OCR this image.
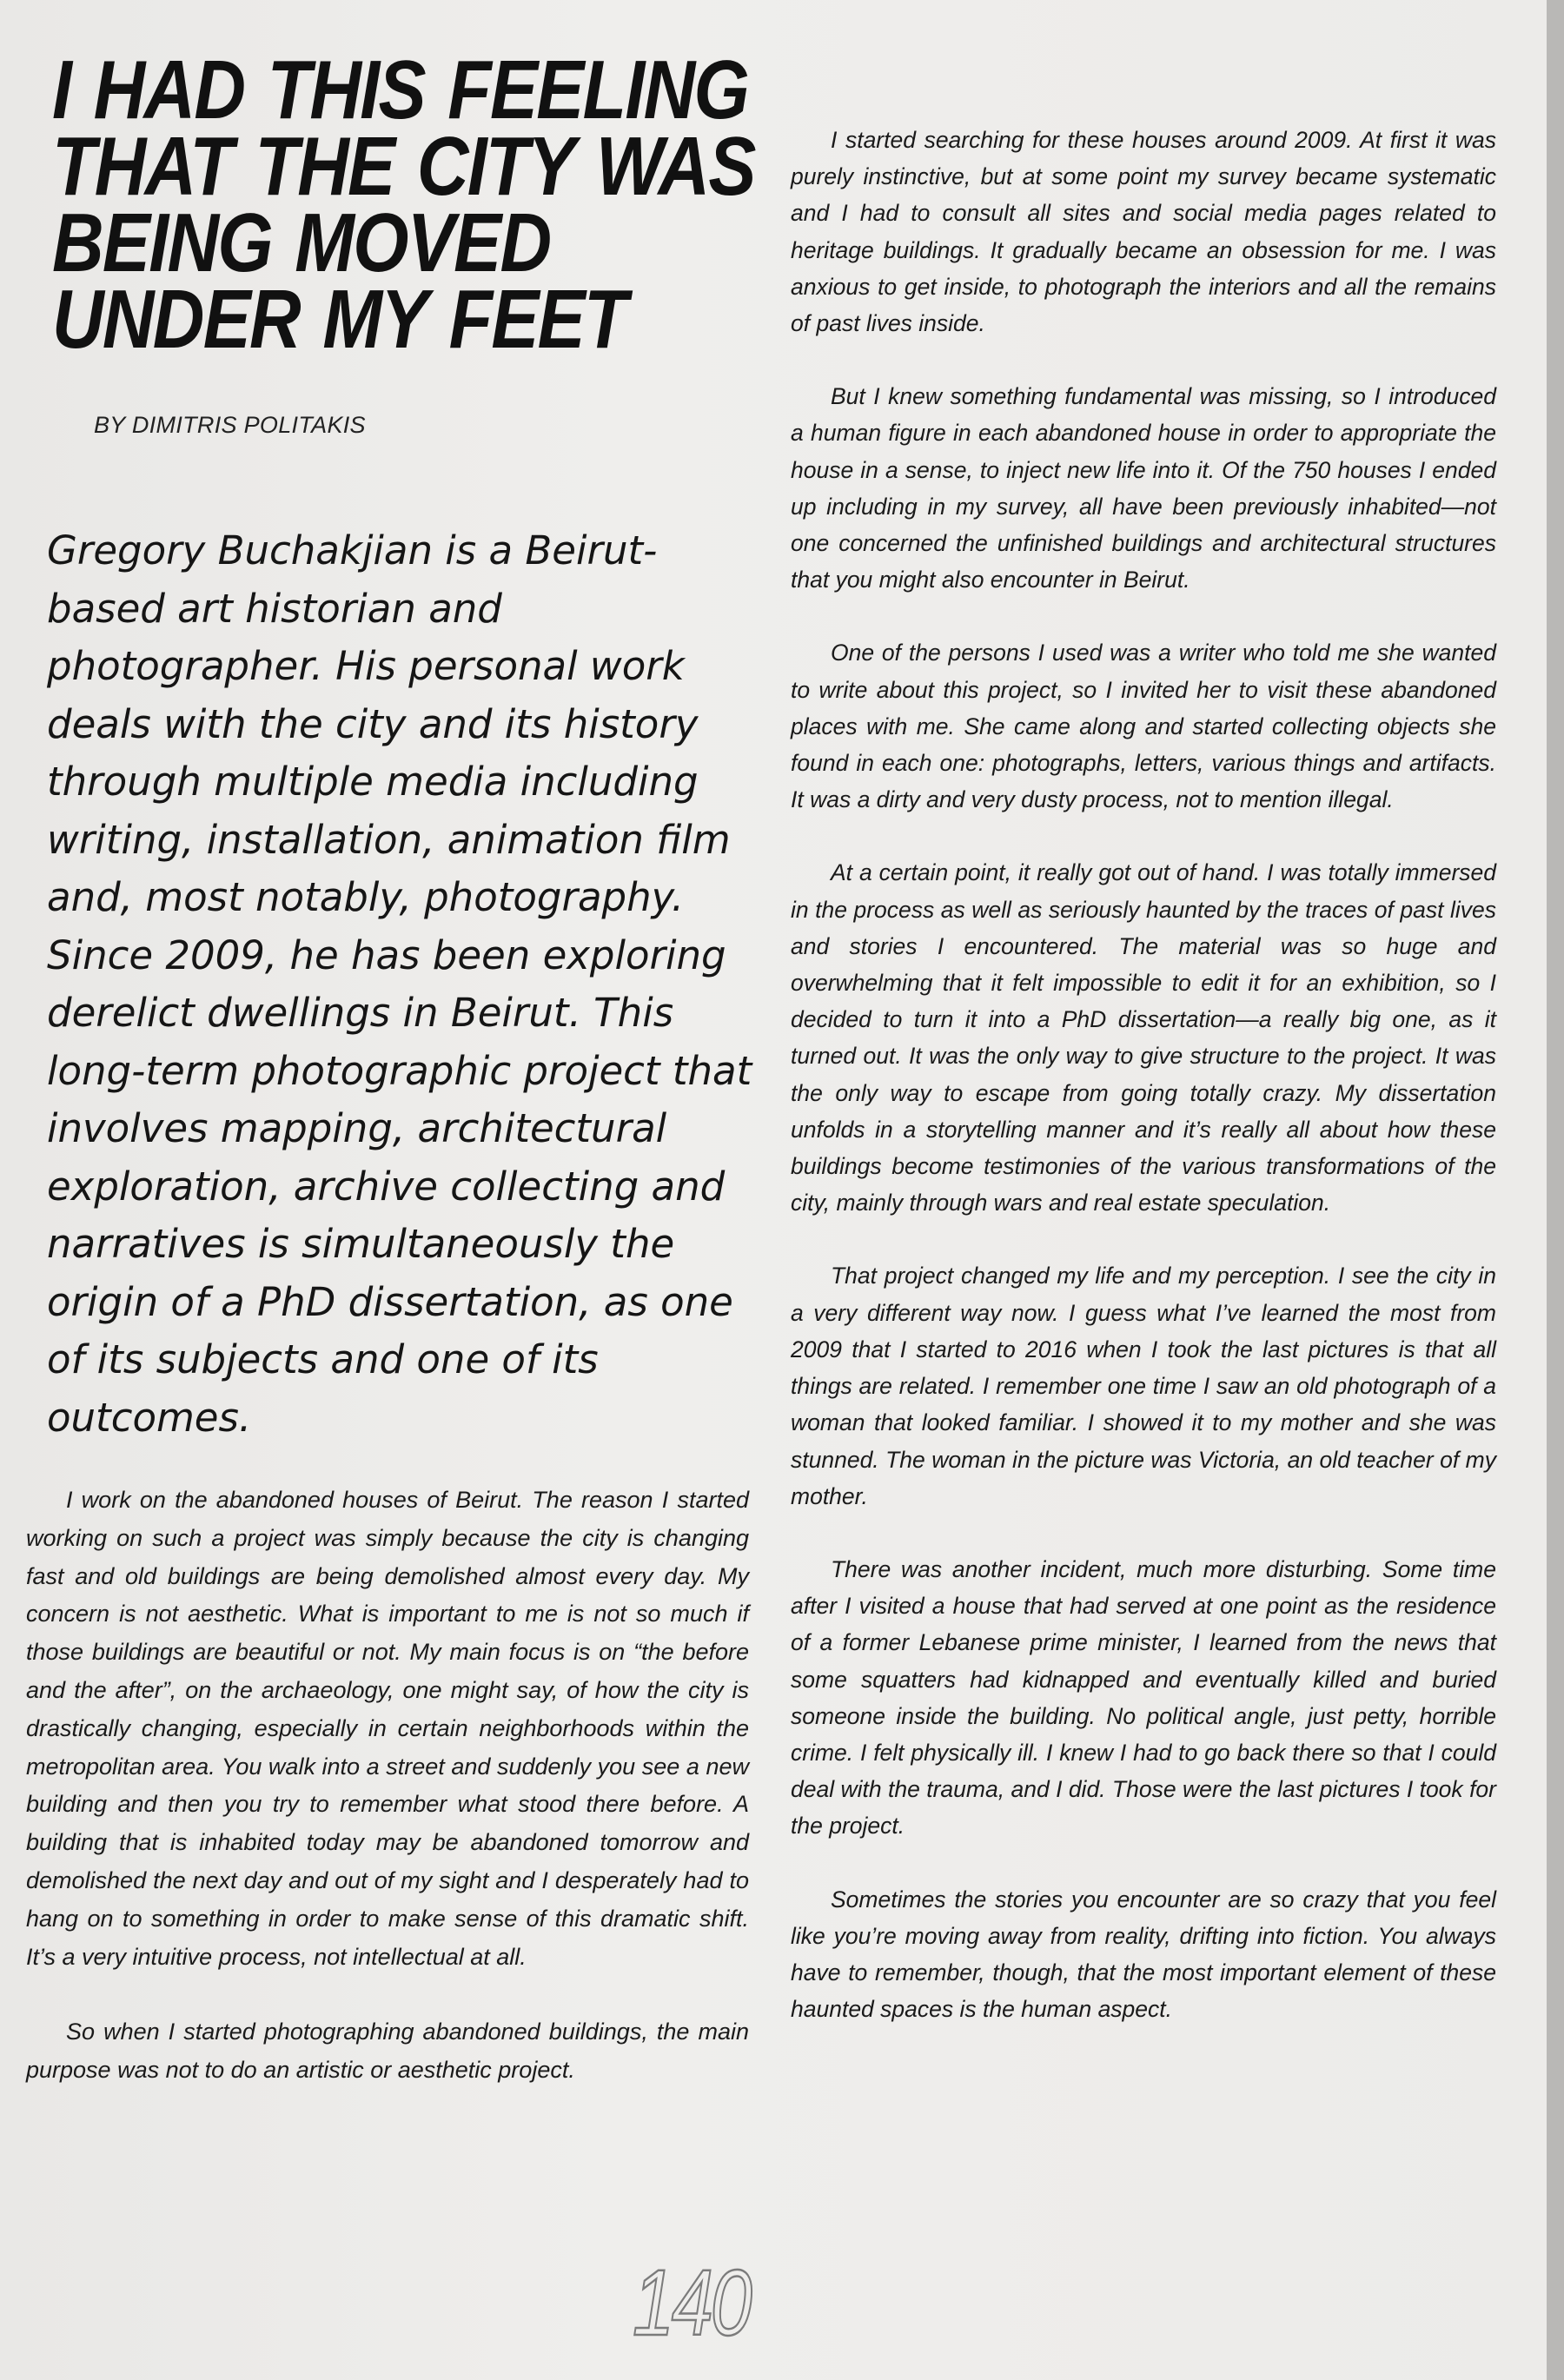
I HAD THIS FEELING THAT THE CITY WAS BEING MOVED UNDER MY FEET
BY DIMITRIS POLITAKIS
Gregory Buchakjian is a Beirut-based art historian and photographer. His personal work deals with the city and its history through multiple media including writing, installation, animation film and, most notably, photography. Since 2009, he has been exploring derelict dwellings in Beirut. This long-term photographic project that involves mapping, architectural exploration, archive collecting and narratives is simultaneously the origin of a PhD dissertation, as one of its subjects and one of its outcomes.

I work on the abandoned houses of Beirut. The reason I started working on such a project was simply because the city is changing fast and old buildings are being demolished almost every day. My concern is not aesthetic. What is important to me is not so much if those buildings are beautiful or not. My main focus is on “the before and the after”, on the archaeology, one might say, of how the city is drastically changing, especially in certain neighborhoods within the metropolitan area. You walk into a street and suddenly you see a new building and then you try to remember what stood there before. A building that is inhabited today may be abandoned tomorrow and demolished the next day and out of my sight and I desperately had to hang on to something in order to make sense of this dramatic shift. It’s a very intuitive process, not intellectual at all.

So when I started photographing abandoned buildings, the main purpose was not to do an artistic or aesthetic project.

I started searching for these houses around 2009. At first it was purely instinctive, but at some point my survey became systematic and I had to consult all sites and social media pages related to heritage buildings. It gradually became an obsession for me. I was anxious to get inside, to photograph the interiors and all the remains of past lives inside.

But I knew something fundamental was missing, so I introduced a human figure in each abandoned house in order to appropriate the house in a sense, to inject new life into it. Of the 750 houses I ended up including in my survey, all have been previously inhabited—not one concerned the unfinished buildings and architectural structures that you might also encounter in Beirut.

One of the persons I used was a writer who told me she wanted to write about this project, so I invited her to visit these abandoned places with me. She came along and started collecting objects she found in each one: photographs, letters, various things and artifacts. It was a dirty and very dusty process, not to mention illegal.

At a certain point, it really got out of hand. I was totally immersed in the process as well as seriously haunted by the traces of past lives and stories I encountered. The material was so huge and overwhelming that it felt impossible to edit it for an exhibition, so I decided to turn it into a PhD dissertation—a really big one, as it turned out. It was the only way to give structure to the project. It was the only way to escape from going totally crazy. My dissertation unfolds in a storytelling manner and it’s really all about how these buildings become testimonies of the various transformations of the city, mainly through wars and real estate speculation.

That project changed my life and my perception. I see the city in a very different way now. I guess what I’ve learned the most from 2009 that I started to 2016 when I took the last pictures is that all things are related. I remember one time I saw an old photograph of a woman that looked familiar. I showed it to my mother and she was stunned. The woman in the picture was Victoria, an old teacher of my mother.

There was another incident, much more disturbing. Some time after I visited a house that had served at one point as the residence of a former Lebanese prime minister, I learned from the news that some squatters had kidnapped and eventually killed and buried someone inside the building. No political angle, just petty, horrible crime. I felt physically ill. I knew I had to go back there so that I could deal with the trauma, and I did. Those were the last pictures I took for the project.

Sometimes the stories you encounter are so crazy that you feel like you’re moving away from reality, drifting into fiction. You always have to remember, though, that the most important element of these haunted spaces is the human aspect.

140
